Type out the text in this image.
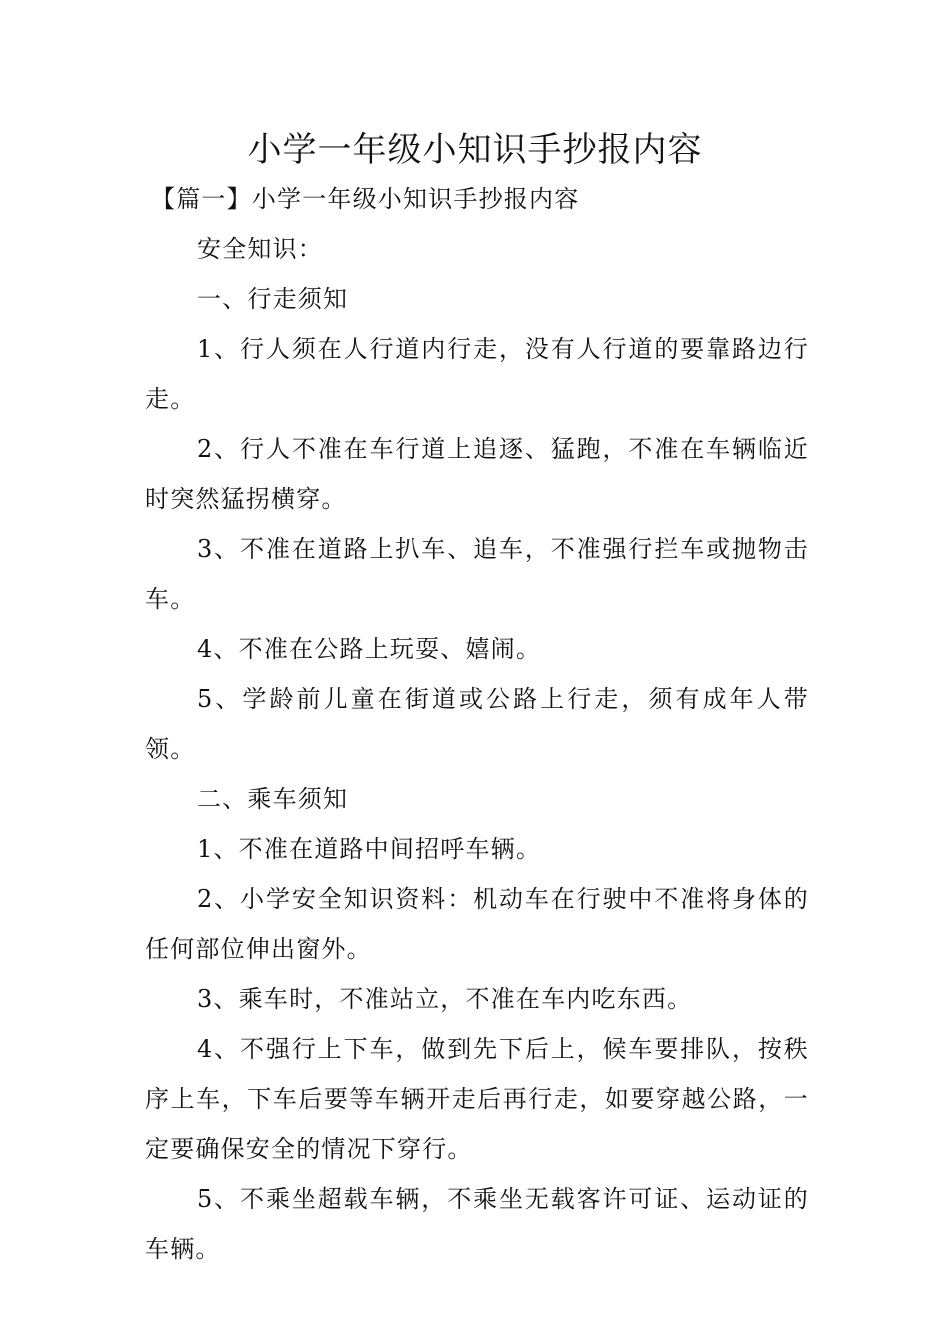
小学一年级小知识手抄报内容

【篇一】小学一年级小知识手抄报内容

安全知识：

一、行走须知

1、行人须在人行道内行走，没有人行道的要靠路边行走。

2、行人不准在车行道上追逐、猛跑，不准在车辆临近时突然猛拐横穿。

3、不准在道路上扒车、追车，不准强行拦车或抛物击车。

4、不准在公路上玩耍、嬉闹。

5、学龄前儿童在街道或公路上行走，须有成年人带领。

二、乘车须知

1、不准在道路中间招呼车辆。

2、小学安全知识资料：机动车在行驶中不准将身体的任何部位伸出窗外。

3、乘车时，不准站立，不准在车内吃东西。

4、不强行上下车，做到先下后上，候车要排队，按秩序上车，下车后要等车辆开走后再行走，如要穿越公路，一定要确保安全的情况下穿行。

5、不乘坐超载车辆，不乘坐无载客许可证、运动证的车辆。
